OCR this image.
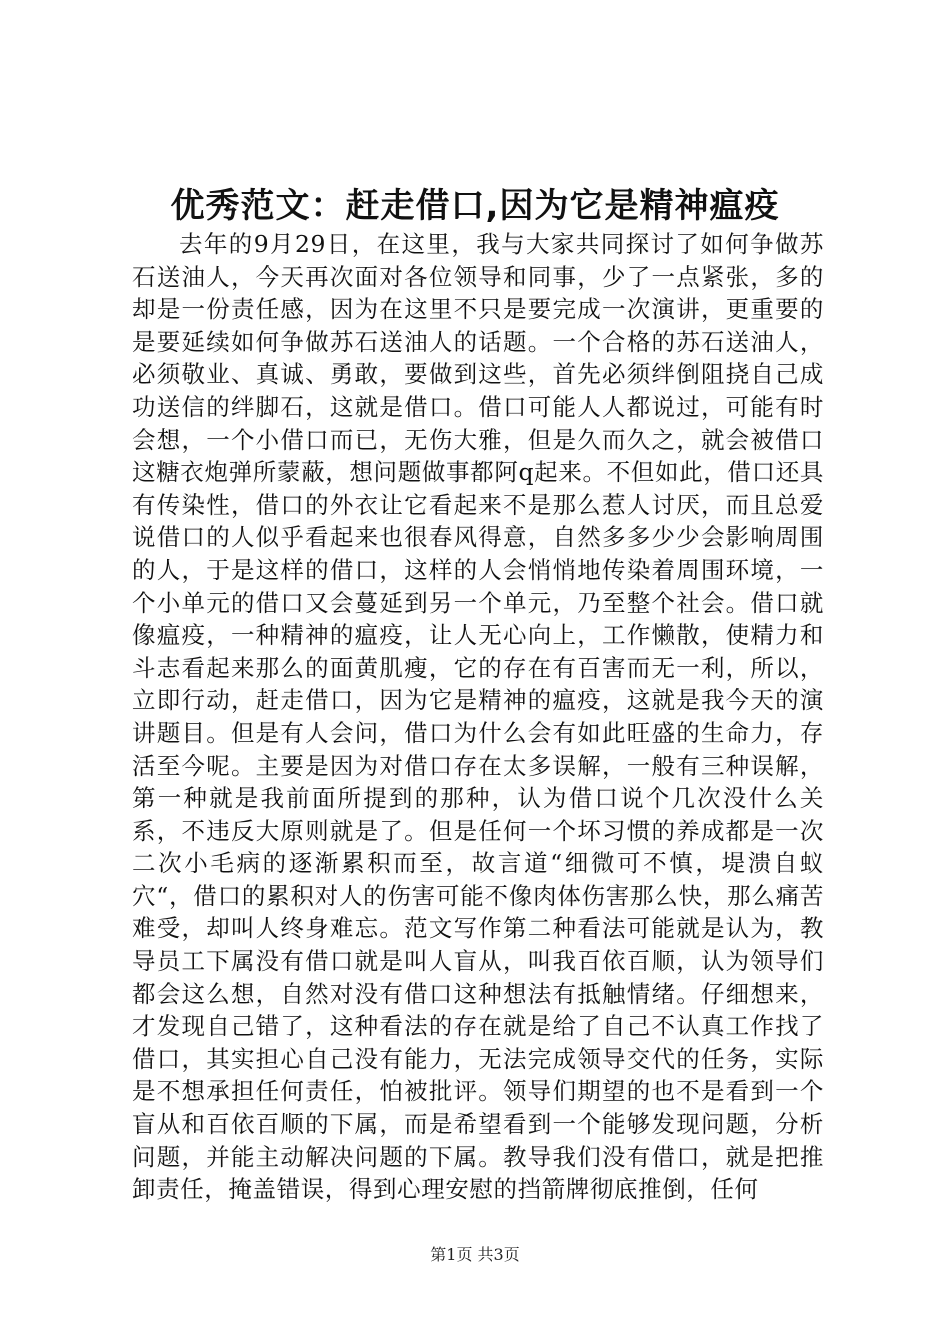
优秀范文：赶走借口,因为它是精神瘟疫

去年的9月29日，在这里，我与大家共同探讨了如何争做苏石送油人，今天再次面对各位领导和同事，少了一点紧张，多的却是一份责任感，因为在这里不只是要完成一次演讲，更重要的是要延续如何争做苏石送油人的话题。一个合格的苏石送油人，必须敬业、真诚、勇敢，要做到这些，首先必须绊倒阻挠自己成功送信的绊脚石，这就是借口。借口可能人人都说过，可能有时会想，一个小借口而已，无伤大雅，但是久而久之，就会被借口这糖衣炮弹所蒙蔽，想问题做事都阿q起来。不但如此，借口还具有传染性，借口的外衣让它看起来不是那么惹人讨厌，而且总爱说借口的人似乎看起来也很春风得意，自然多多少少会影响周围的人，于是这样的借口，这样的人会悄悄地传染着周围环境，一个小单元的借口又会蔓延到另一个单元，乃至整个社会。借口就像瘟疫，一种精神的瘟疫，让人无心向上，工作懒散，使精力和斗志看起来那么的面黄肌瘦，它的存在有百害而无一利，所以，立即行动，赶走借口，因为它是精神的瘟疫，这就是我今天的演讲题目。但是有人会问，借口为什么会有如此旺盛的生命力，存活至今呢。主要是因为对借口存在太多误解，一般有三种误解，第一种就是我前面所提到的那种，认为借口说个几次没什么关系，不违反大原则就是了。但是任何一个坏习惯的养成都是一次二次小毛病的逐渐累积而至，故言道“细微可不慎，堤溃自蚁穴“，借口的累积对人的伤害可能不像肉体伤害那么快，那么痛苦难受，却叫人终身难忘。范文写作第二种看法可能就是认为，教导员工下属没有借口就是叫人盲从，叫我百依百顺，认为领导们都会这么想，自然对没有借口这种想法有抵触情绪。仔细想来，才发现自己错了，这种看法的存在就是给了自己不认真工作找了借口，其实担心自己没有能力，无法完成领导交代的任务，实际是不想承担任何责任，怕被批评。领导们期望的也不是看到一个盲从和百依百顺的下属，而是希望看到一个能够发现问题，分析问题，并能主动解决问题的下属。教导我们没有借口，就是把推卸责任，掩盖错误，得到心理安慰的挡箭牌彻底推倒，任何

第1页 共3页
